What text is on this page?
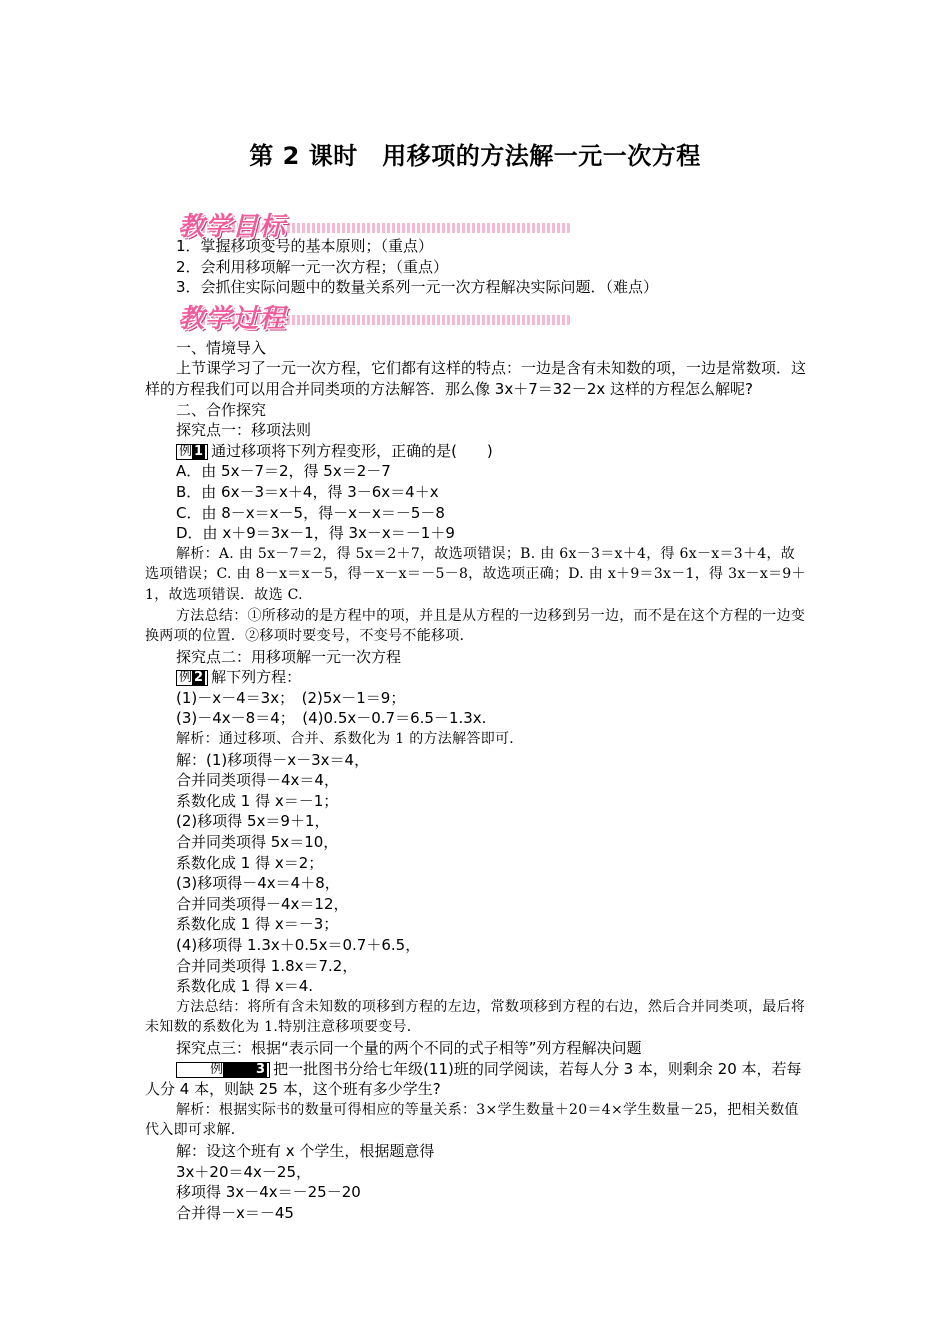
第 2 课时　用移项的方法解一元一次方程
教学目标
教学过程
1．掌握移项变号的基本原则；（重点）
2．会利用移项解一元一次方程；（重点）
3．会抓住实际问题中的数量关系列一元一次方程解决实际问题．（难点）
一、情境导入
上节课学习了一元一次方程，它们都有这样的特点：一边是含有未知数的项，一边是常数项．这样的方程我们可以用合并同类项的方法解答．那么像 3x＋7＝32－2x 这样的方程怎么解呢?
二、合作探究
探究点一：移项法则
例 1 通过移项将下列方程变形，正确的是(　　)
A．由 5x－7＝2，得 5x＝2－7
B．由 6x－3＝x＋4，得 3－6x＝4＋x
C．由 8－x＝x－5，得－x－x＝－5－8
D．由 x＋9＝3x－1，得 3x－x＝－1＋9
解析：A. 由 5x－7＝2，得 5x＝2＋7，故选项错误；B. 由 6x－3＝x＋4，得 6x－x＝3＋4，故选项错误；C. 由 8－x＝x－5，得－x－x＝－5－8，故选项正确；D. 由 x＋9＝3x－1，得 3x－x＝9＋1，故选项错误．故选 C.
方法总结：①所移动的是方程中的项，并且是从方程的一边移到另一边，而不是在这个方程的一边变换两项的位置．②移项时要变号，不变号不能移项．
探究点二：用移项解一元一次方程
例 2 解下列方程：
(1)－x－4＝3x；　(2)5x－1＝9；
(3)－4x－8＝4；　(4)0.5x－0.7＝6.5－1.3x.
解析：通过移项、合并、系数化为 1 的方法解答即可．
解：(1)移项得－x－3x＝4，
合并同类项得－4x＝4，
系数化成 1 得 x＝－1；
(2)移项得 5x＝9＋1，
合并同类项得 5x＝10，
系数化成 1 得 x＝2；
(3)移项得－4x＝4＋8，
合并同类项得－4x＝12，
系数化成 1 得 x＝－3；
(4)移项得 1.3x＋0.5x＝0.7＋6.5，
合并同类项得 1.8x＝7.2，
系数化成 1 得 x＝4.
方法总结：将所有含未知数的项移到方程的左边，常数项移到方程的右边，然后合并同类项，最后将未知数的系数化为 1.特别注意移项要变号．
探究点三：根据“表示同一个量的两个不同的式子相等”列方程解决问题
例	3 把一批图书分给七年级(11)班的同学阅读，若每人分 3 本，则剩余 20 本，若每人分 4 本，则缺 25 本，这个班有多少学生?
解析：根据实际书的数量可得相应的等量关系：3×学生数量＋20＝4×学生数量－25，把相关数值代入即可求解．
解：设这个班有 x 个学生，根据题意得
3x＋20＝4x－25，
移项得 3x－4x＝－25－20
合并得－x＝－45
